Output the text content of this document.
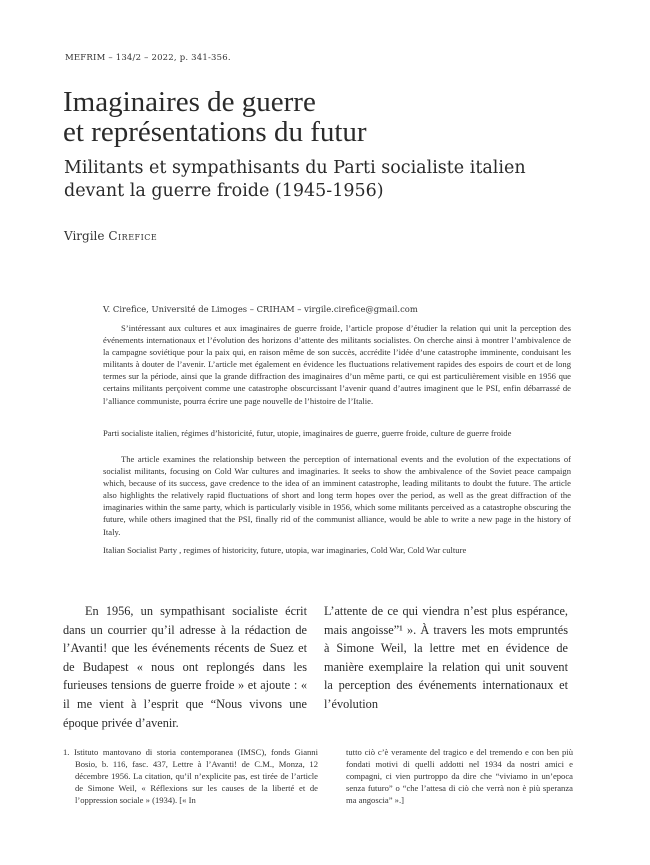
MEFRIM – 134/2 – 2022, p. 341-356.
Imaginaires de guerre
et représentations du futur
Militants et sympathisants du Parti socialiste italien
devant la guerre froide (1945-1956)
Virgile Cirefice
V. Cirefice, Université de Limoges – CRIHAM – virgile.cirefice@gmail.com

S’intéressant aux cultures et aux imaginaires de guerre froide, l’article propose d’étudier la relation qui unit la perception des événements internationaux et l’évolution des horizons d’attente des militants socialistes. On cherche ainsi à montrer l’ambivalence de la campagne soviétique pour la paix qui, en raison même de son succès, accrédite l’idée d’une catastrophe imminente, conduisant les militants à douter de l’avenir. L’article met également en évidence les fluctuations relativement rapides des espoirs de court et de long termes sur la période, ainsi que la grande diffraction des imaginaires d’un même parti, ce qui est particulièrement visible en 1956 que certains militants perçoivent comme une catastrophe obscurcissant l’avenir quand d’autres imaginent que le PSI, enfin débarrassé de l’alliance communiste, pourra écrire une page nouvelle de l’histoire de l’Italie.

Parti socialiste italien, régimes d’historicité, futur, utopie, imaginaires de guerre, guerre froide, culture de guerre froide

The article examines the relationship between the perception of international events and the evolution of the expectations of socialist militants, focusing on Cold War cultures and imaginaries. It seeks to show the ambivalence of the Soviet peace campaign which, because of its success, gave credence to the idea of an imminent catastrophe, leading militants to doubt the future. The article also highlights the relatively rapid fluctuations of short and long term hopes over the period, as well as the great diffraction of the imaginaries within the same party, which is particularly visible in 1956, which some militants perceived as a catastrophe obscuring the future, while others imagined that the PSI, finally rid of the communist alliance, would be able to write a new page in the history of Italy.

Italian Socialist Party , regimes of historicity, future, utopia, war imaginaries, Cold War, Cold War culture

En 1956, un sympathisant socialiste écrit dans un courrier qu’il adresse à la rédaction de l’Avanti! que les événements récents de Suez et de Budapest « nous ont replongés dans les furieuses tensions de guerre froide » et ajoute : « il me vient à l’esprit que “Nous vivons une époque privée d’avenir.

L’attente de ce qui viendra n’est plus espérance, mais angoisse”¹ ». À travers les mots empruntés à Simone Weil, la lettre met en évidence de manière exemplaire la relation qui unit souvent la perception des événements internationaux et l’évolution

1. Istituto mantovano di storia contemporanea (IMSC), fonds Gianni Bosio, b. 116, fasc. 437, Lettre à l’Avanti! de C.M., Monza, 12 décembre 1956. La citation, qu’il n’explicite pas, est tirée de l’article de Simone Weil, « Réflexions sur les causes de la liberté et de l’oppression sociale » (1934). [« In

tutto ciò c’è veramente del tragico e del tremendo e con ben più fondati motivi di quelli addotti nel 1934 da nostri amici e compagni, ci vien purtroppo da dire che “viviamo in un’epoca senza futuro” o “che l’attesa di ciò che verrà non è più speranza ma angoscia” ».]
